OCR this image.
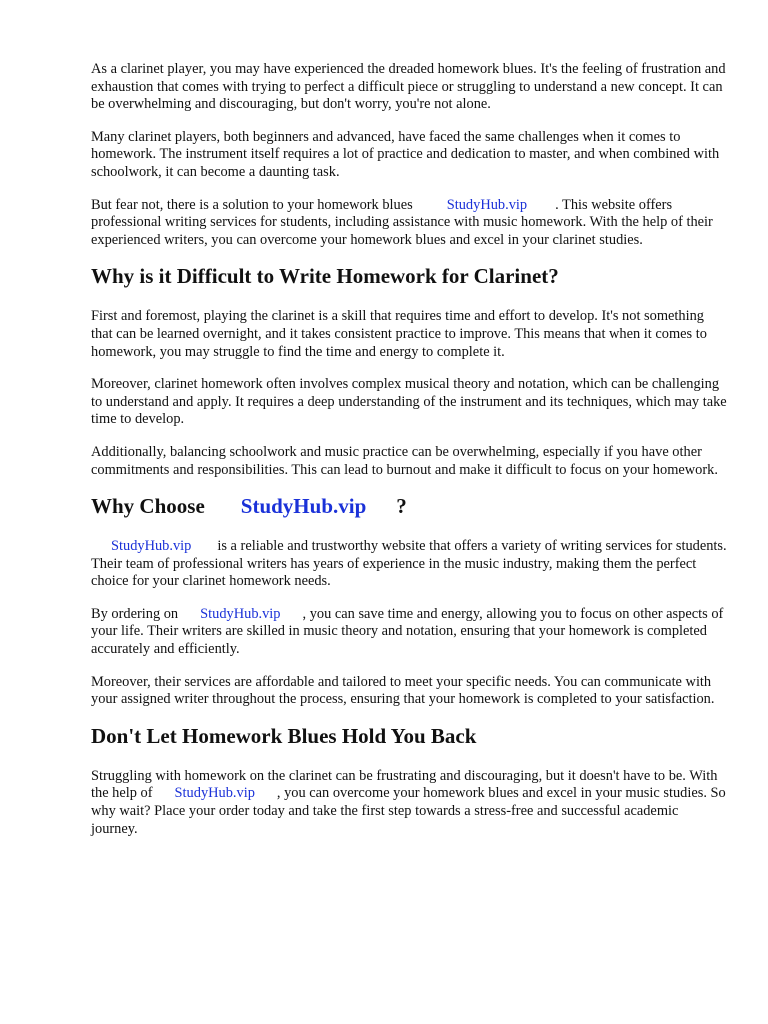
As a clarinet player, you may have experienced the dreaded homework blues. It's the feeling of frustration and exhaustion that comes with trying to perfect a difficult piece or struggling to understand a new concept. It can be overwhelming and discouraging, but don't worry, you're not alone.

Many clarinet players, both beginners and advanced, have faced the same challenges when it comes to homework. The instrument itself requires a lot of practice and dedication to master, and when combined with schoolwork, it can become a daunting task.

But fear not, there is a solution to your homework blues StudyHub.vip . This website offers professional writing services for students, including assistance with music homework. With the help of their experienced writers, you can overcome your homework blues and excel in your clarinet studies.

Why is it Difficult to Write Homework for Clarinet?

First and foremost, playing the clarinet is a skill that requires time and effort to develop. It's not something that can be learned overnight, and it takes consistent practice to improve. This means that when it comes to homework, you may struggle to find the time and energy to complete it.

Moreover, clarinet homework often involves complex musical theory and notation, which can be challenging to understand and apply. It requires a deep understanding of the instrument and its techniques, which may take time to develop.

Additionally, balancing schoolwork and music practice can be overwhelming, especially if you have other commitments and responsibilities. This can lead to burnout and make it difficult to focus on your homework.

Why Choose StudyHub.vip ?

StudyHub.vip is a reliable and trustworthy website that offers a variety of writing services for students. Their team of professional writers has years of experience in the music industry, making them the perfect choice for your clarinet homework needs.

By ordering on StudyHub.vip , you can save time and energy, allowing you to focus on other aspects of your life. Their writers are skilled in music theory and notation, ensuring that your homework is completed accurately and efficiently.

Moreover, their services are affordable and tailored to meet your specific needs. You can communicate with your assigned writer throughout the process, ensuring that your homework is completed to your satisfaction.

Don't Let Homework Blues Hold You Back

Struggling with homework on the clarinet can be frustrating and discouraging, but it doesn't have to be. With the help of StudyHub.vip , you can overcome your homework blues and excel in your music studies. So why wait? Place your order today and take the first step towards a stress-free and successful academic journey.
